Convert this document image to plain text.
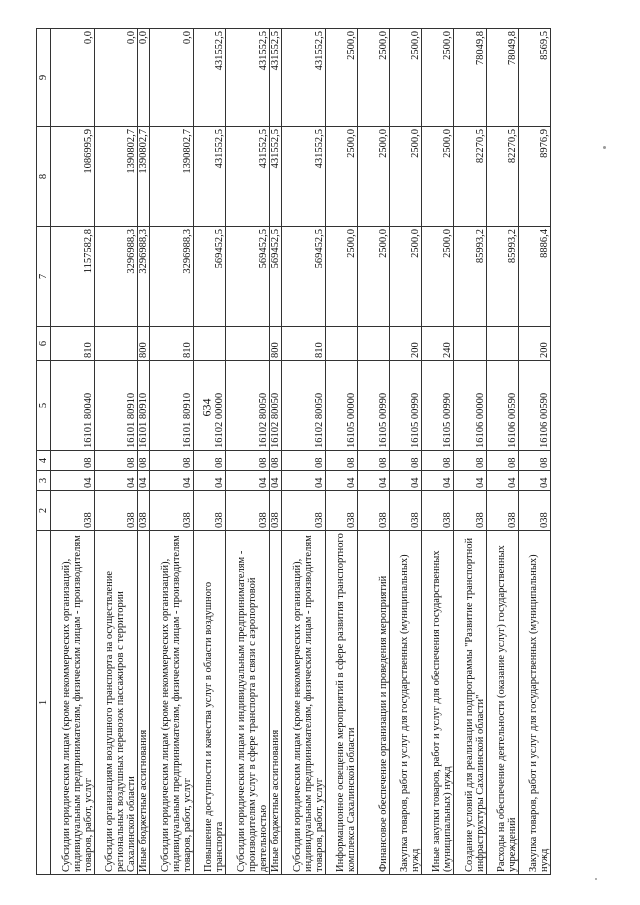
634
1	2	3	4	5	6	7	8	9
Субсидии юридическим лицам (кроме некоммерческих организаций), индивидуальным предпринимателям, физическим лицам - производителям товаров, работ, услуг	038	04	08	16101 80040	810	1157582,8	1086995,9	0,0
Субсидии организациям воздушного транспорта на осуществление региональных воздушных перевозок пассажиров с территории Сахалинской области	038	04	08	16101 80910		3296988,3	1390802,7	0,0
Иные бюджетные ассигнования	038	04	08	16101 80910	800	3296988,3	1390802,7	0,0
Субсидии юридическим лицам (кроме некоммерческих организаций), индивидуальным предпринимателям, физическим лицам - производителям товаров, работ, услуг	038	04	08	16101 80910	810	3296988,3	1390802,7	0,0
Повышение доступности и качества услуг в области воздушного транспорта	038	04	08	16102 00000		569452,5	431552,5	431552,5
Субсидии юридическим лицам и индивидуальным предпринимателям - производителям услуг в сфере транспорта в связи с аэропортовой деятельностью	038	04	08	16102 80050		569452,5	431552,5	431552,5
Иные бюджетные ассигнования	038	04	08	16102 80050	800	569452,5	431552,5	431552,5
Субсидии юридическим лицам (кроме некоммерческих организаций), индивидуальным предпринимателям, физическим лицам - производителям товаров, работ, услуг	038	04	08	16102 80050	810	569452,5	431552,5	431552,5
Информационное освещение мероприятий в сфере развития транспортного комплекса Сахалинской области	038	04	08	16105 00000		2500,0	2500,0	2500,0
Финансовое обеспечение организации и проведения мероприятий	038	04	08	16105 00990		2500,0	2500,0	2500,0
Закупка товаров, работ и услуг для государственных (муниципальных) нужд	038	04	08	16105 00990	200	2500,0	2500,0	2500,0
Иные закупки товаров, работ и услуг для обеспечения государственных (муниципальных) нужд	038	04	08	16105 00990	240	2500,0	2500,0	2500,0
Создание условий для реализации подпрограммы "Развитие транспортной инфраструктуры Сахалинской области"	038	04	08	16106 00000		85993,2	82270,5	78049,8
Расходы на обеспечение деятельности (оказание услуг) государственных учреждений	038	04	08	16106 00590		85993,2	82270,5	78049,8
Закупка товаров, работ и услуг для государственных (муниципальных) нужд	038	04	08	16106 00590	200	8886,4	8976,9	8569,5
